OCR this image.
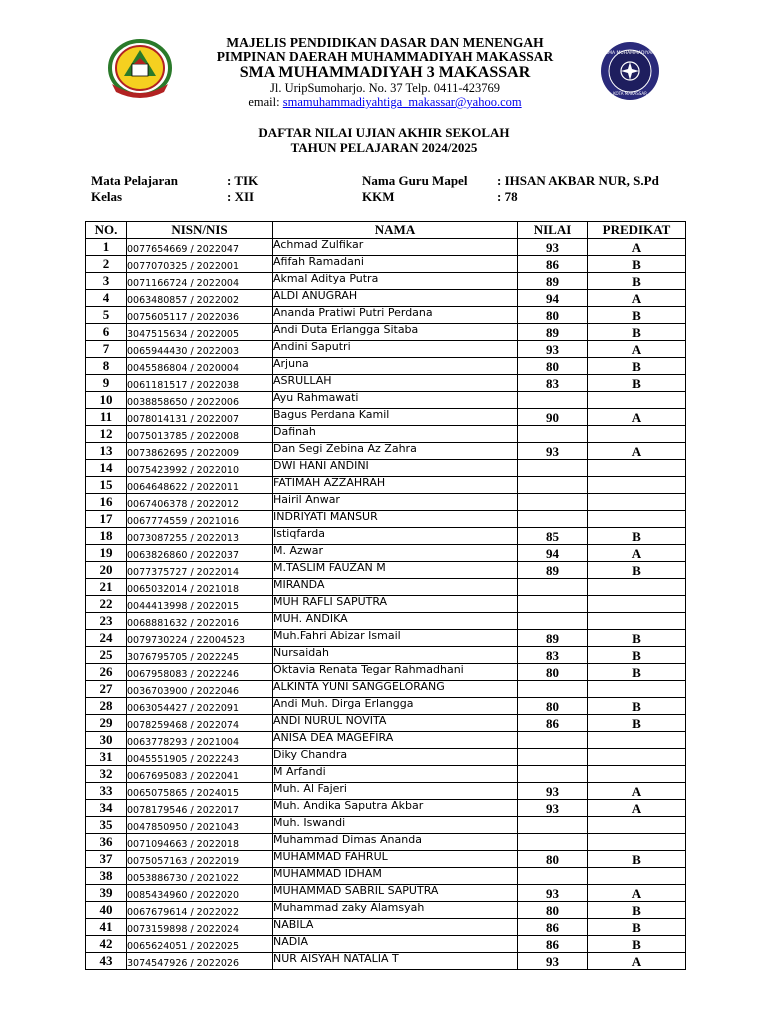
SMA MUHAMMADIYAH
KOTA MAKASSAR
MAJELIS PENDIDIKAN DASAR DAN MENENGAH
PIMPINAN DAERAH MUHAMMADIYAH MAKASSAR
SMA MUHAMMADIYAH 3 MAKASSAR
Jl. UripSumoharjo. No. 37 Telp. 0411-423769
email: smamuhammadiyahtiga_makassar@yahoo.com
DAFTAR NILAI UJIAN AKHIR SEKOLAH
TAHUN PELAJARAN 2024/2025
Mata Pelajaran	: TIK
Kelas	: XII
Nama Guru Mapel : IHSAN AKBAR NUR, S.Pd
KKM	: 78
NO.	NISN/NIS	NAMA	NILAI	PREDIKAT
1	0077654669 / 2022047	Achmad Zulfikar	93	A
2	0077070325 / 2022001	Afifah Ramadani	86	B
3	0071166724 / 2022004	Akmal Aditya Putra	89	B
4	0063480857 / 2022002	ALDI ANUGRAH	94	A
5	0075605117 / 2022036	Ananda Pratiwi Putri Perdana	80	B
6	3047515634 / 2022005	Andi Duta Erlangga Sitaba	89	B
7	0065944430 / 2022003	Andini Saputri	93	A
8	0045586804 / 2020004	Arjuna	80	B
9	0061181517 / 2022038	ASRULLAH	83	B
10	0038858650 / 2022006	Ayu Rahmawati		
11	0078014131 / 2022007	Bagus Perdana Kamil	90	A
12	0075013785 / 2022008	Dafinah		
13	0073862695 / 2022009	Dan Segi Zebina Az Zahra	93	A
14	0075423992 / 2022010	DWI HANI ANDINI		
15	0064648622 / 2022011	FATIMAH AZZAHRAH		
16	0067406378 / 2022012	Hairil Anwar		
17	0067774559 / 2021016	INDRIYATI MANSUR		
18	0073087255 / 2022013	Istiqfarda	85	B
19	0063826860 / 2022037	M. Azwar	94	A
20	0077375727 / 2022014	M.TASLIM FAUZAN M	89	B
21	0065032014 / 2021018	MIRANDA		
22	0044413998 / 2022015	MUH RAFLI SAPUTRA		
23	0068881632 / 2022016	MUH. ANDIKA		
24	0079730224 / 22004523	Muh.Fahri Abizar Ismail	89	B
25	3076795705 / 2022245	Nursaidah	83	B
26	0067958083 / 2022246	Oktavia Renata Tegar Rahmadhani	80	B
27	0036703900 / 2022046	ALKINTA YUNI SANGGELORANG		
28	0063054427 / 2022091	Andi Muh. Dirga Erlangga	80	B
29	0078259468 / 2022074	ANDI NURUL NOVITA	86	B
30	0063778293 / 2021004	ANISA DEA MAGEFIRA		
31	0045551905 / 2022243	Diky Chandra		
32	0067695083 / 2022041	M Arfandi		
33	0065075865 / 2024015	Muh. Al Fajeri	93	A
34	0078179546 / 2022017	Muh. Andika Saputra Akbar	93	A
35	0047850950 / 2021043	Muh. Iswandi		
36	0071094663 / 2022018	Muhammad Dimas Ananda		
37	0075057163 / 2022019	MUHAMMAD FAHRUL	80	B
38	0053886730 / 2021022	MUHAMMAD IDHAM		
39	0085434960 / 2022020	MUHAMMAD SABRIL SAPUTRA	93	A
40	0067679614 / 2022022	Muhammad zaky Alamsyah	80	B
41	0073159898 / 2022024	NABILA	86	B
42	0065624051 / 2022025	NADIA	86	B
43	3074547926 / 2022026	NUR AISYAH NATALIA T	93	A
